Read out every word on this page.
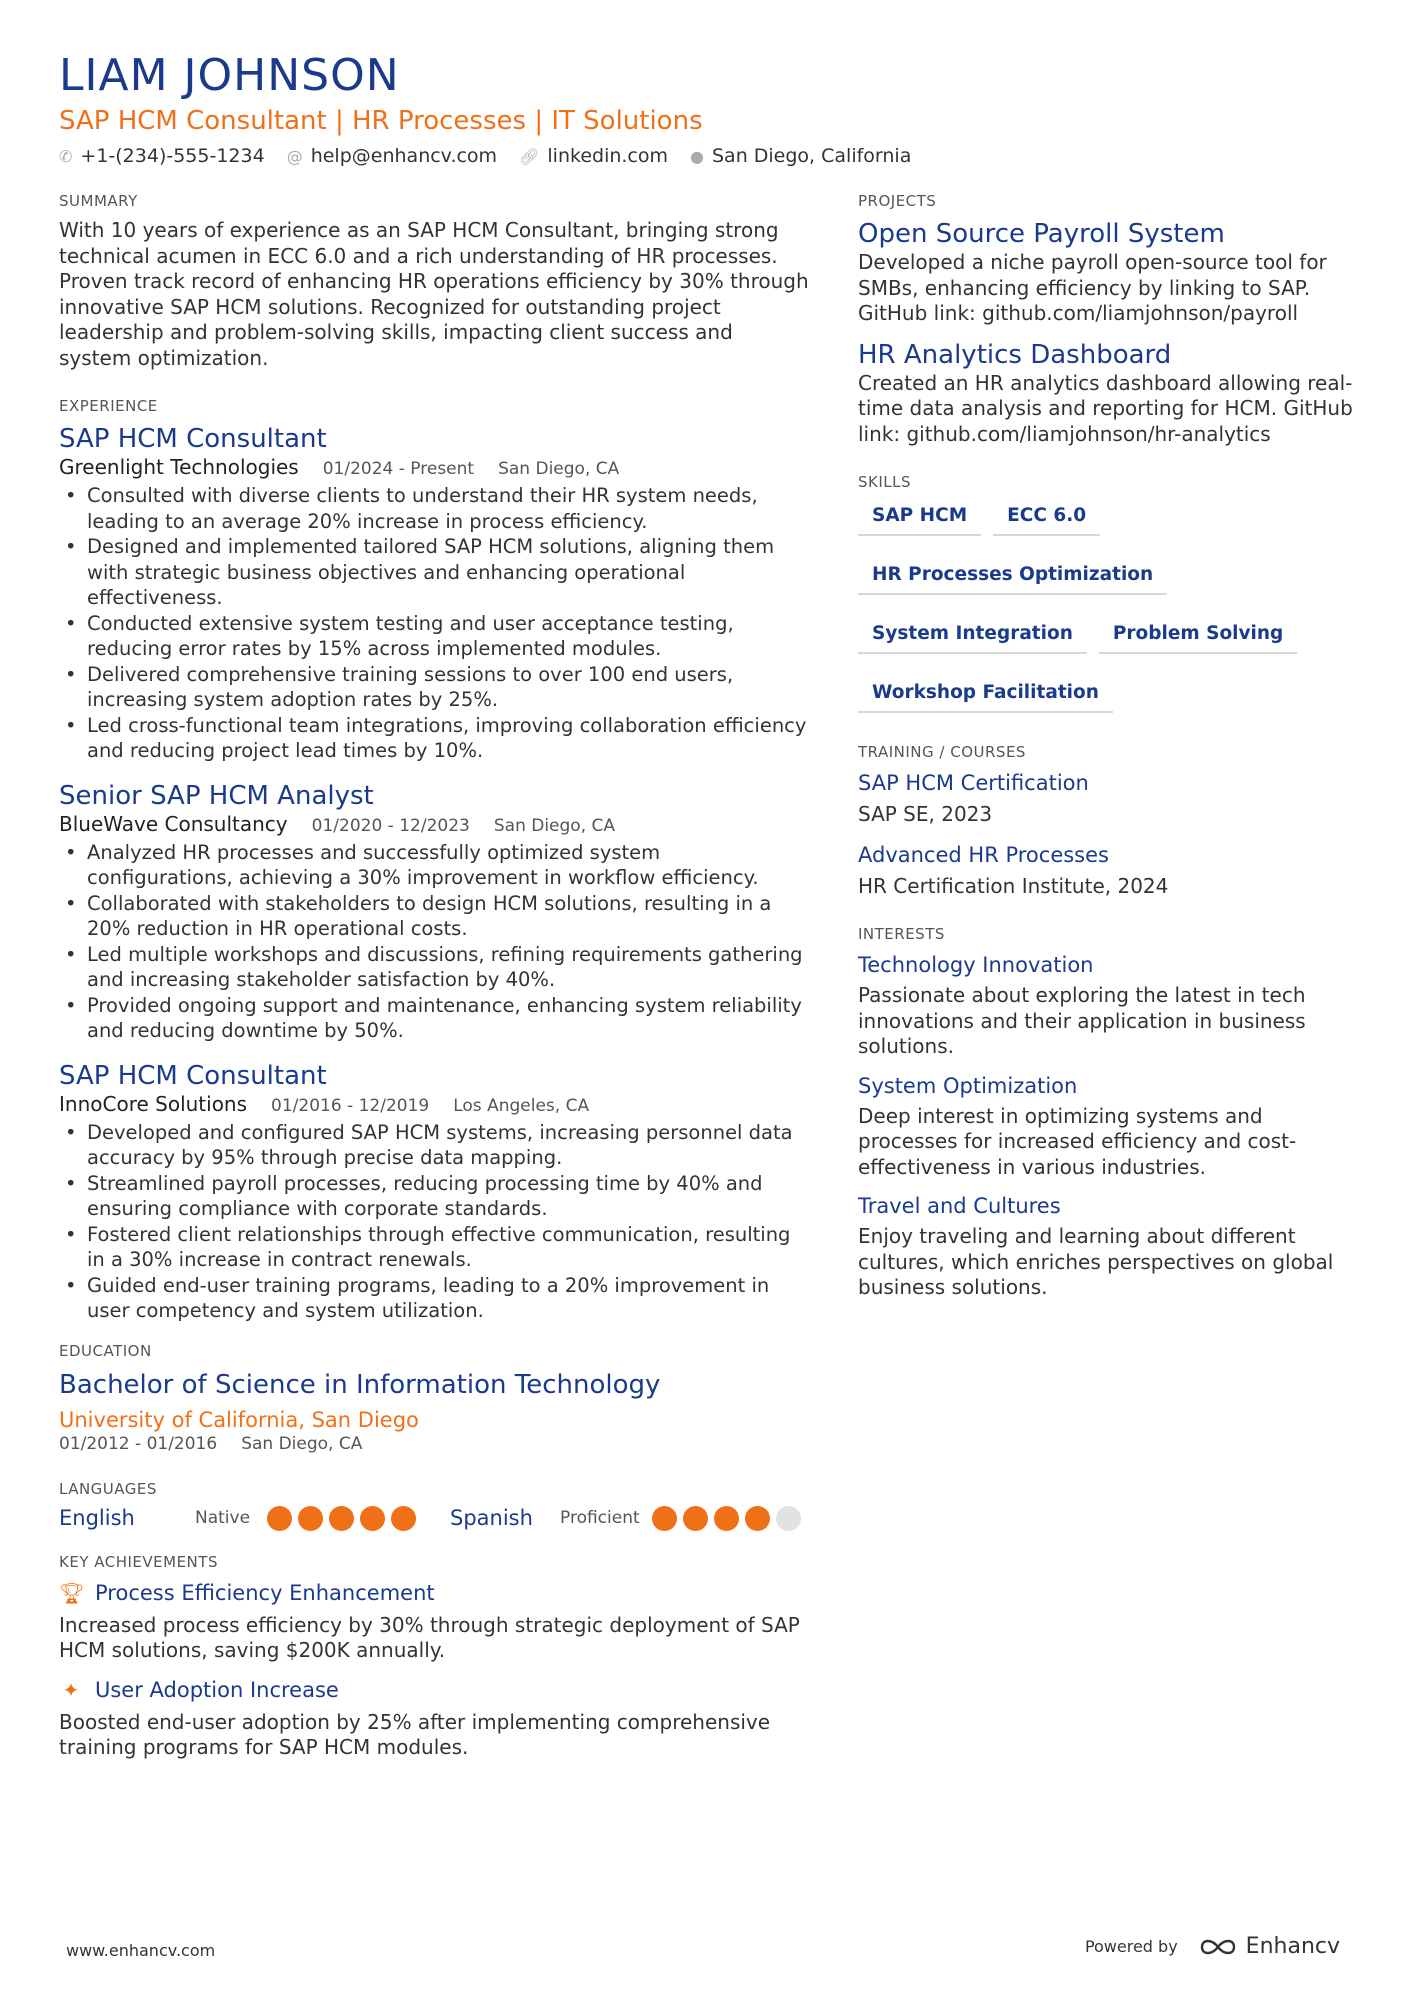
LIAM JOHNSON
SAP HCM Consultant | HR Processes | IT Solutions
✆ +1-(234)-555-1234 @ help@enhancv.com 🔗︎ linkedin.com ● San Diego, California
SUMMARY
With 10 years of experience as an SAP HCM Consultant, bringing strong technical acumen in ECC 6.0 and a rich understanding of HR processes. Proven track record of enhancing HR operations efficiency by 30% through innovative SAP HCM solutions. Recognized for outstanding project leadership and problem-solving skills, impacting client success and system optimization.
EXPERIENCE
SAP HCM Consultant
Greenlight Technologies 01/2024 - Present San Diego, CA
• Consulted with diverse clients to understand their HR system needs, leading to an average 20% increase in process efficiency.
• Designed and implemented tailored SAP HCM solutions, aligning them with strategic business objectives and enhancing operational effectiveness.
• Conducted extensive system testing and user acceptance testing, reducing error rates by 15% across implemented modules.
• Delivered comprehensive training sessions to over 100 end users, increasing system adoption rates by 25%.
• Led cross-functional team integrations, improving collaboration efficiency and reducing project lead times by 10%.
Senior SAP HCM Analyst
BlueWave Consultancy 01/2020 - 12/2023 San Diego, CA
• Analyzed HR processes and successfully optimized system configurations, achieving a 30% improvement in workflow efficiency.
• Collaborated with stakeholders to design HCM solutions, resulting in a 20% reduction in HR operational costs.
• Led multiple workshops and discussions, refining requirements gathering and increasing stakeholder satisfaction by 40%.
• Provided ongoing support and maintenance, enhancing system reliability and reducing downtime by 50%.
SAP HCM Consultant
InnoCore Solutions 01/2016 - 12/2019 Los Angeles, CA
• Developed and configured SAP HCM systems, increasing personnel data accuracy by 95% through precise data mapping.
• Streamlined payroll processes, reducing processing time by 40% and ensuring compliance with corporate standards.
• Fostered client relationships through effective communication, resulting in a 30% increase in contract renewals.
• Guided end-user training programs, leading to a 20% improvement in user competency and system utilization.
EDUCATION
Bachelor of Science in Information Technology
University of California, San Diego
01/2012 - 01/2016 San Diego, CA
LANGUAGES
English	Native	Spanish	Proficient
KEY ACHIEVEMENTS
🏆︎ Process Efficiency Enhancement
Increased process efficiency by 30% through strategic deployment of SAP HCM solutions, saving $200K annually.
✦ User Adoption Increase
Boosted end-user adoption by 25% after implementing comprehensive training programs for SAP HCM modules.
PROJECTS
Open Source Payroll System
Developed a niche payroll open-source tool for SMBs, enhancing efficiency by linking to SAP. GitHub link: github.com/liamjohnson/payroll
HR Analytics Dashboard
Created an HR analytics dashboard allowing real-time data analysis and reporting for HCM. GitHub link: github.com/liamjohnson/hr-analytics
SKILLS
SAP HCM	ECC 6.0
HR Processes Optimization
System Integration	Problem Solving
Workshop Facilitation
TRAINING / COURSES
SAP HCM Certification
SAP SE, 2023
Advanced HR Processes
HR Certification Institute, 2024
INTERESTS
Technology Innovation
Passionate about exploring the latest in tech innovations and their application in business solutions.
System Optimization
Deep interest in optimizing systems and processes for increased efficiency and cost-effectiveness in various industries.
Travel and Cultures
Enjoy traveling and learning about different cultures, which enriches perspectives on global business solutions.
www.enhancv.com	Powered by	Enhancv
